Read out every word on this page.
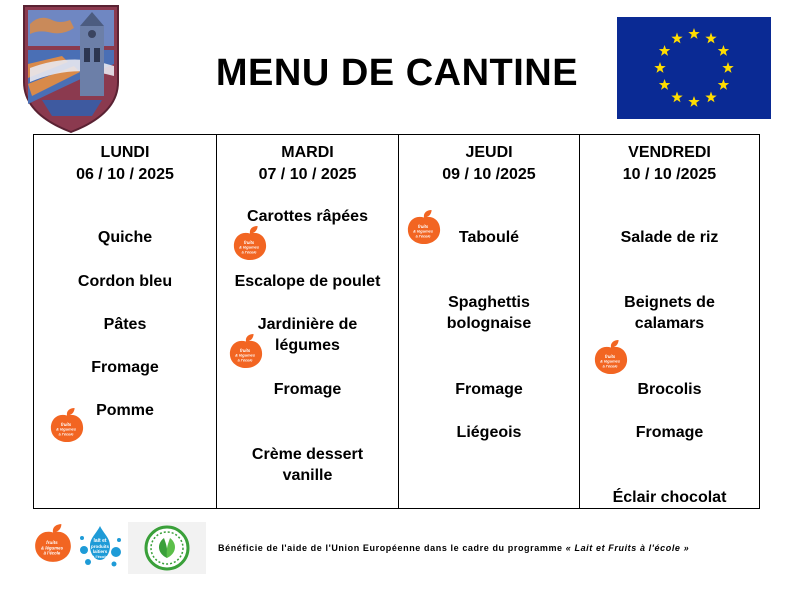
MENU DE CANTINE
LUNDI
06 / 10 / 2025
Quiche
Cordon bleu
Pâtes
Fromage
Pomme
fruits
& légumes
à l’école
MARDI
07 / 10 / 2025
Carottes râpées
Escalope de poulet
Jardinière de légumes
Fromage
Crème dessert vanille
fruits
& légumes
à l’école
fruits
& légumes
à l’école
JEUDI
09 / 10 /2025
Taboulé
Spaghettis bolognaise
Fromage
Liégeois
fruits
& légumes
à l’école
VENDREDI
10 / 10 /2025
Salade de riz
Beignets de calamars
Brocolis
Fromage
Éclair chocolat
fruits
& légumes
à l’école
fruits
& légumes
à l’école
lait et
produits
laitiers
à l'école
Bénéficie de l'aide de l'Union Européenne dans le cadre du programme « Lait et Fruits à l'école »
